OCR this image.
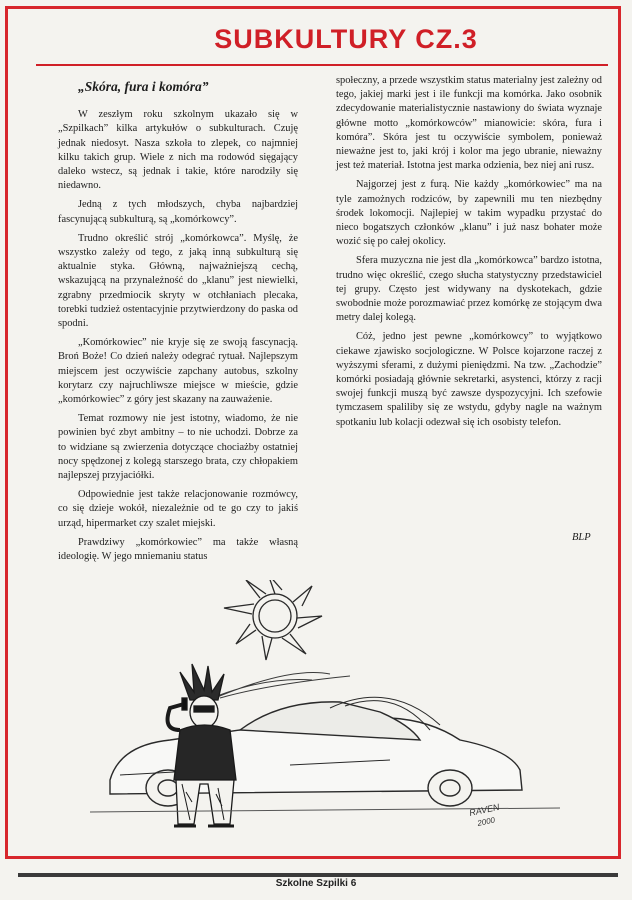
SUBKULTURY CZ.3

„Skóra, fura i komóra”

W zeszłym roku szkolnym ukazało się w „Szpilkach” kilka artykułów o subkulturach. Czuję jednak niedosyt. Nasza szkoła to zlepek, co najmniej kilku takich grup. Wiele z nich ma rodowód sięgający daleko wstecz, są jednak i takie, które narodziły się niedawno.

Jedną z tych młodszych, chyba najbardziej fascynującą subkulturą, są „komórkowcy”.

Trudno określić strój „komórkowca”. Myślę, że wszystko zależy od tego, z jaką inną subkulturą się aktualnie styka. Główną, najważniejszą cechą, wskazującą na przynależność do „klanu” jest niewielki, zgrabny przedmiocik skryty w otchłaniach plecaka, torebki tudzież ostentacyjnie przytwierdzony do paska od spodni.

„Komórkowiec” nie kryje się ze swoją fascynacją. Broń Boże! Co dzień należy odegrać rytuał. Najlepszym miejscem jest oczywiście zapchany autobus, szkolny korytarz czy najruchliwsze miejsce w mieście, gdzie „komórkowiec” z góry jest skazany na zauważenie.

Temat rozmowy nie jest istotny, wiadomo, że nie powinien być zbyt ambitny – to nie uchodzi. Dobrze za to widziane są zwierzenia dotyczące chociażby ostatniej nocy spędzonej z kolegą starszego brata, czy chłopakiem najlepszej przyjaciółki.

Odpowiednie jest także relacjonowanie rozmówcy, co się dzieje wokół, niezależnie od te go czy to jakiś urząd, hipermarket czy szalet miejski.

Prawdziwy „komórkowiec” ma także własną ideologię. W jego mniemaniu status

społeczny, a przede wszystkim status materialny jest zależny od tego, jakiej marki jest i ile funkcji ma komórka. Jako osobnik zdecydowanie materialistycznie nastawiony do świata wyznaje główne motto „komórkowców” mianowicie: skóra, fura i komóra”. Skóra jest tu oczywiście symbolem, ponieważ nieważne jest to, jaki krój i kolor ma jego ubranie, nieważny jest też materiał. Istotna jest marka odzienia, bez niej ani rusz.

Najgorzej jest z furą. Nie każdy „komórkowiec” ma na tyle zamożnych rodziców, by zapewnili mu ten niezbędny środek lokomocji. Najlepiej w takim wypadku przystać do nieco bogatszych członków „klanu” i już nasz bohater może wozić się po całej okolicy.

Sfera muzyczna nie jest dla „komórkowca” bardzo istotna, trudno więc określić, czego słucha statystyczny przedstawiciel tej grupy. Często jest widywany na dyskotekach, gdzie swobodnie może porozmawiać przez komórkę ze stojącym dwa metry dalej kolegą.

Cóż, jedno jest pewne „komórkowcy” to wyjątkowo ciekawe zjawisko socjologiczne. W Polsce kojarzone raczej z wyższymi sferami, z dużymi pieniędzmi. Na tzw. „Zachodzie” komórki posiadają głównie sekretarki, asystenci, którzy z racji swojej funkcji muszą być zawsze dyspozycyjni. Ich szefowie tymczasem spaliliby się ze wstydu, gdyby nagle na ważnym spotkaniu lub kolacji odezwał się ich osobisty telefon.

BLP
RAVEN
2000
Szkolne Szpilki 6
